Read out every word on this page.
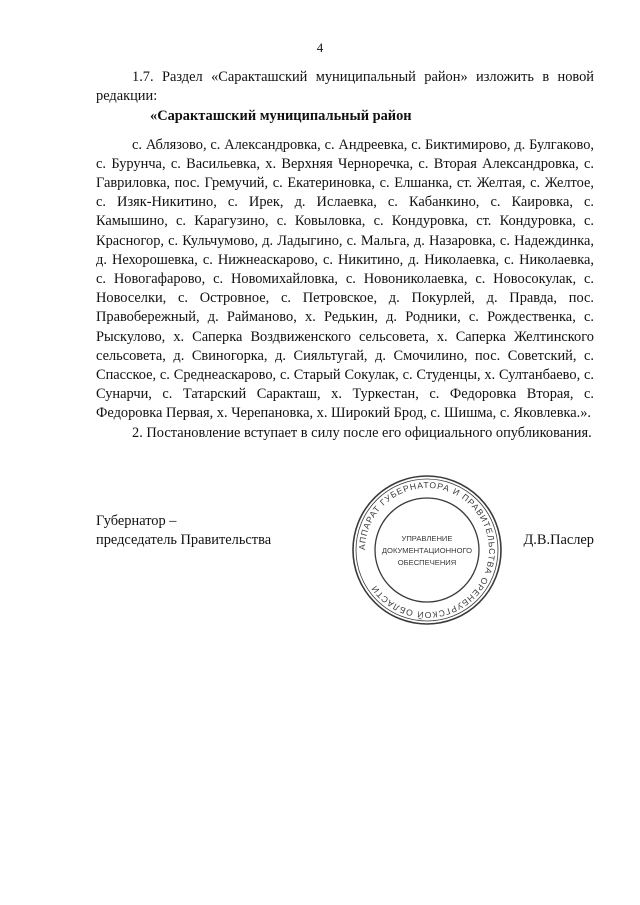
4

1.7. Раздел «Саракташский муниципальный район» изложить в новой редакции:

«Саракташский муниципальный район

с. Аблязово, с. Александровка, с. Андреевка, с. Биктимирово, д. Булгаково, с. Бурунча, с. Васильевка, х. Верхняя Черноречка, с. Вторая Александровка, с. Гавриловка, пос. Гремучий, с. Екатериновка, с. Елшанка, ст. Желтая, с. Желтое, с. Изяк-Никитино, с. Ирек, д. Ислаевка, с. Кабанкино, с. Каировка, с. Камышино, с. Карагузино, с. Ковыловка, с. Кондуровка, ст. Кондуровка, с. Красногор, с. Кульчумово, д. Ладыгино, с. Мальга, д. Назаровка, с. Надеждинка, д. Нехорошевка, с. Нижнеаскарово, с. Никитино, д. Николаевка, с. Николаевка, с. Новогафарово, с. Новомихайловка, с. Новониколаевка, с. Новосокулак, с. Новоселки, с. Островное, с. Петровское, д. Покурлей, д. Правда, пос. Правобережный, д. Райманово, х. Редькин, д. Родники, с. Рождественка, с. Рыскулово, х. Саперка Воздвиженского сельсовета, х. Саперка Желтинского сельсовета, д. Свиногорка, д. Сияльтугай, д. Смочилино, пос. Советский, с. Спасское, с. Среднеаскарово, с. Старый Сокулак, с. Студенцы, х. Султанбаево, с. Сунарчи, с. Татарский Саракташ, х. Туркестан, с. Федоровка Вторая, с. Федоровка Первая, х. Черепановка, х. Широкий Брод, с. Шишма, с. Яковлевка.».

2. Постановление вступает в силу после его официального опубликования.

Губернатор –
председатель Правительства	АППАРАТ ГУБЕРНАТОРА И ПРАВИТЕЛЬСТВА ОРЕНБУРГСКОЙ ОБЛАСТИ
УПРАВЛЕНИЕ
ДОКУМЕНТАЦИОННОГО
ОБЕСПЕЧЕНИЯ
Д.В.Паслер
